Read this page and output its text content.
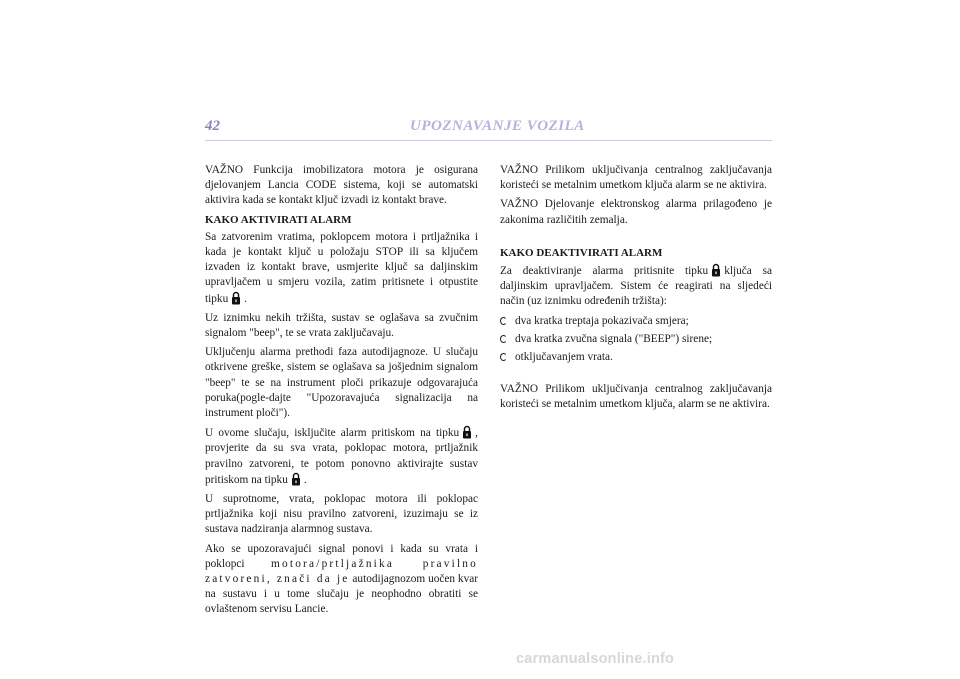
42	UPOZNAVANJE VOZILA

VAŽNO Funkcija imobilizatora motora je osigurana djelovanjem Lancia CODE sistema, koji se automatski aktivira kada se kontakt ključ izvadi iz kontakt brave.

KAKO AKTIVIRATI ALARM

Sa zatvorenim vratima, poklopcem motora i prtljažnika i kada je kontakt ključ u položaju STOP ili sa ključem izvaden iz kontakt brave, usmjerite ključ sa daljinskim upravljačem u smjeru vozila, zatim pritisnete i otpustite tipku .

Uz iznimku nekih tržišta, sustav se oglašava sa zvučnim signalom "beep", te se vrata zaključavaju.

Uključenju alarma prethodi faza autodijagnoze. U slučaju otkrivene greške, sistem se oglašava sa jošjednim signalom "beep" te se na instrument ploči prikazuje odgovarajuća poruka(pogle-dajte "Upozoravajuća signalizacija na instrument ploči").

U ovome slučaju, isključite alarm pritiskom na tipku , provjerite da su sva vrata, poklopac motora, prtljažnik pravilno zatvoreni, te potom ponovno aktivirajte sustav pritiskom na tipku .

U suprotnome, vrata, poklopac motora ili poklopac prtljažnika koji nisu pravilno zatvoreni, izuzimaju se iz sustava nadziranja alarmnog sustava.

Ako se upozoravajući signal ponovi i kada su vrata i poklopci motora/prtljažnika pravilno zatvoreni, znači da je autodijagnozom uočen kvar na sustavu i u tome slučaju je neophodno obratiti se ovlaštenom servisu Lancie.

VAŽNO Prilikom uključivanja centralnog zaključavanja koristeći se metalnim umetkom ključa alarm se ne aktivira.

VAŽNO Djelovanje elektronskog alarma prilagođeno je zakonima različitih zemalja.

KAKO DEAKTIVIRATI ALARM

Za deaktiviranje alarma pritisnite tipku ključa sa daljinskim upravljačem. Sistem će reagirati na sljedeći način (uz iznimku određenih tržišta):

dva kratka treptaja pokazivača smjera;
dva kratka zvučna signala ("BEEP") sirene;
otključavanjem vrata.

VAŽNO Prilikom uključivanja centralnog zaključavanja koristeći se metalnim umetkom ključa, alarm se ne aktivira.

carmanualsonline.info
